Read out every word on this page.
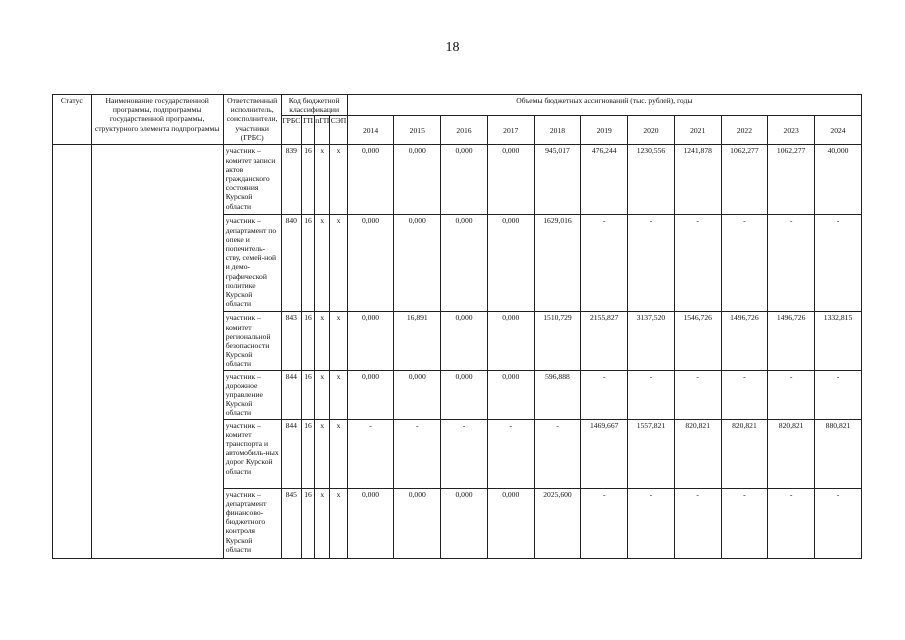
18
Статус	Наименование государственной программы, подпрограммы государственной программы, структурного элемента подпрограммы	Ответственный исполнитель, соисполнители, участники (ГРБС)	Код бюджетной классификации				Объемы бюджетных ассигнований (тыс. рублей), годы										
			ГРБС	ГП	пГП	СЭП	2014	2015	2016	2017	2018	2019	2020	2021	2022	2023	2024
		участник – комитет записи актов гражданского состояния Курской области	839	16	х	х	0,000	0,000	0,000	0,000	945,017	476,244	1230,556	1241,878	1062,277	1062,277	40,000
		участник – департамент по опеке и попечитель-ству, семей-ной и демо-графической политике Курской области	840	16	х	х	0,000	0,000	0,000	0,000	1629,016	-	-	-	-	-	-
		участник – комитет региональной безопасности Курской области	843	16	х	х	0,000	16,891	0,000	0,000	1510,729	2155,827	3137,520	1546,726	1496,726	1496,726	1332,815
		участник – дорожное управление Курской области	844	16	х	х	0,000	0,000	0,000	0,000	596,888	-	-	-	-	-	-
		участник – комитет транспорта и автомобиль-ных дорог Курской области	844	16	х	х	-	-	-	-	-	1469,667	1557,821	820,821	820,821	820,821	880,821
		участник – департамент финансово-бюджетного контроля Курской области	845	16	х	х	0,000	0,000	0,000	0,000	2025,600	-	-	-	-	-	-
